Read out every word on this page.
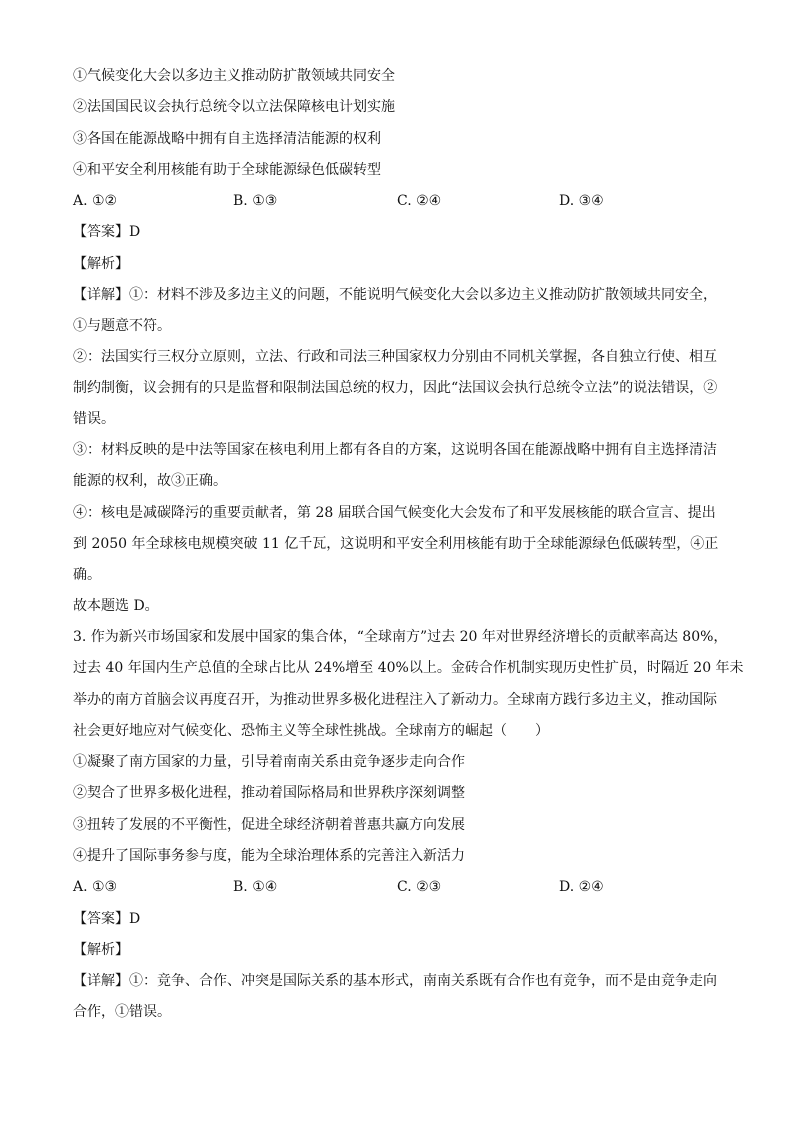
①气候变化大会以多边主义推动防扩散领域共同安全
②法国国民议会执行总统令以立法保障核电计划实施
③各国在能源战略中拥有自主选择清洁能源的权利
④和平安全利用核能有助于全球能源绿色低碳转型
A. ①②	B. ①③	C. ②④	D. ③④
【答案】D
【解析】
【详解】①：材料不涉及多边主义的问题，不能说明气候变化大会以多边主义推动防扩散领域共同安全，
①与题意不符。
②：法国实行三权分立原则，立法、行政和司法三种国家权力分别由不同机关掌握，各自独立行使、相互
制约制衡，议会拥有的只是监督和限制法国总统的权力，因此“法国议会执行总统令立法”的说法错误，②
错误。
③：材料反映的是中法等国家在核电利用上都有各自的方案，这说明各国在能源战略中拥有自主选择清洁
能源的权利，故③正确。
④：核电是减碳降污的重要贡献者，第 28 届联合国气候变化大会发布了和平发展核能的联合宣言、提出
到 2050 年全球核电规模突破 11 亿千瓦，这说明和平安全利用核能有助于全球能源绿色低碳转型，④正
确。
故本题选 D。
3. 作为新兴市场国家和发展中国家的集合体，“全球南方”过去 20 年对世界经济增长的贡献率高达 80%，
过去 40 年国内生产总值的全球占比从 24%增至 40%以上。金砖合作机制实现历史性扩员，时隔近 20 年未
举办的南方首脑会议再度召开，为推动世界多极化进程注入了新动力。全球南方践行多边主义，推动国际
社会更好地应对气候变化、恐怖主义等全球性挑战。全球南方的崛起（　　）
①凝聚了南方国家的力量，引导着南南关系由竞争逐步走向合作
②契合了世界多极化进程，推动着国际格局和世界秩序深刻调整
③扭转了发展的不平衡性，促进全球经济朝着普惠共赢方向发展
④提升了国际事务参与度，能为全球治理体系的完善注入新活力
A. ①③	B. ①④	C. ②③	D. ②④
【答案】D
【解析】
【详解】①：竞争、合作、冲突是国际关系的基本形式，南南关系既有合作也有竞争，而不是由竞争走向
合作，①错误。
